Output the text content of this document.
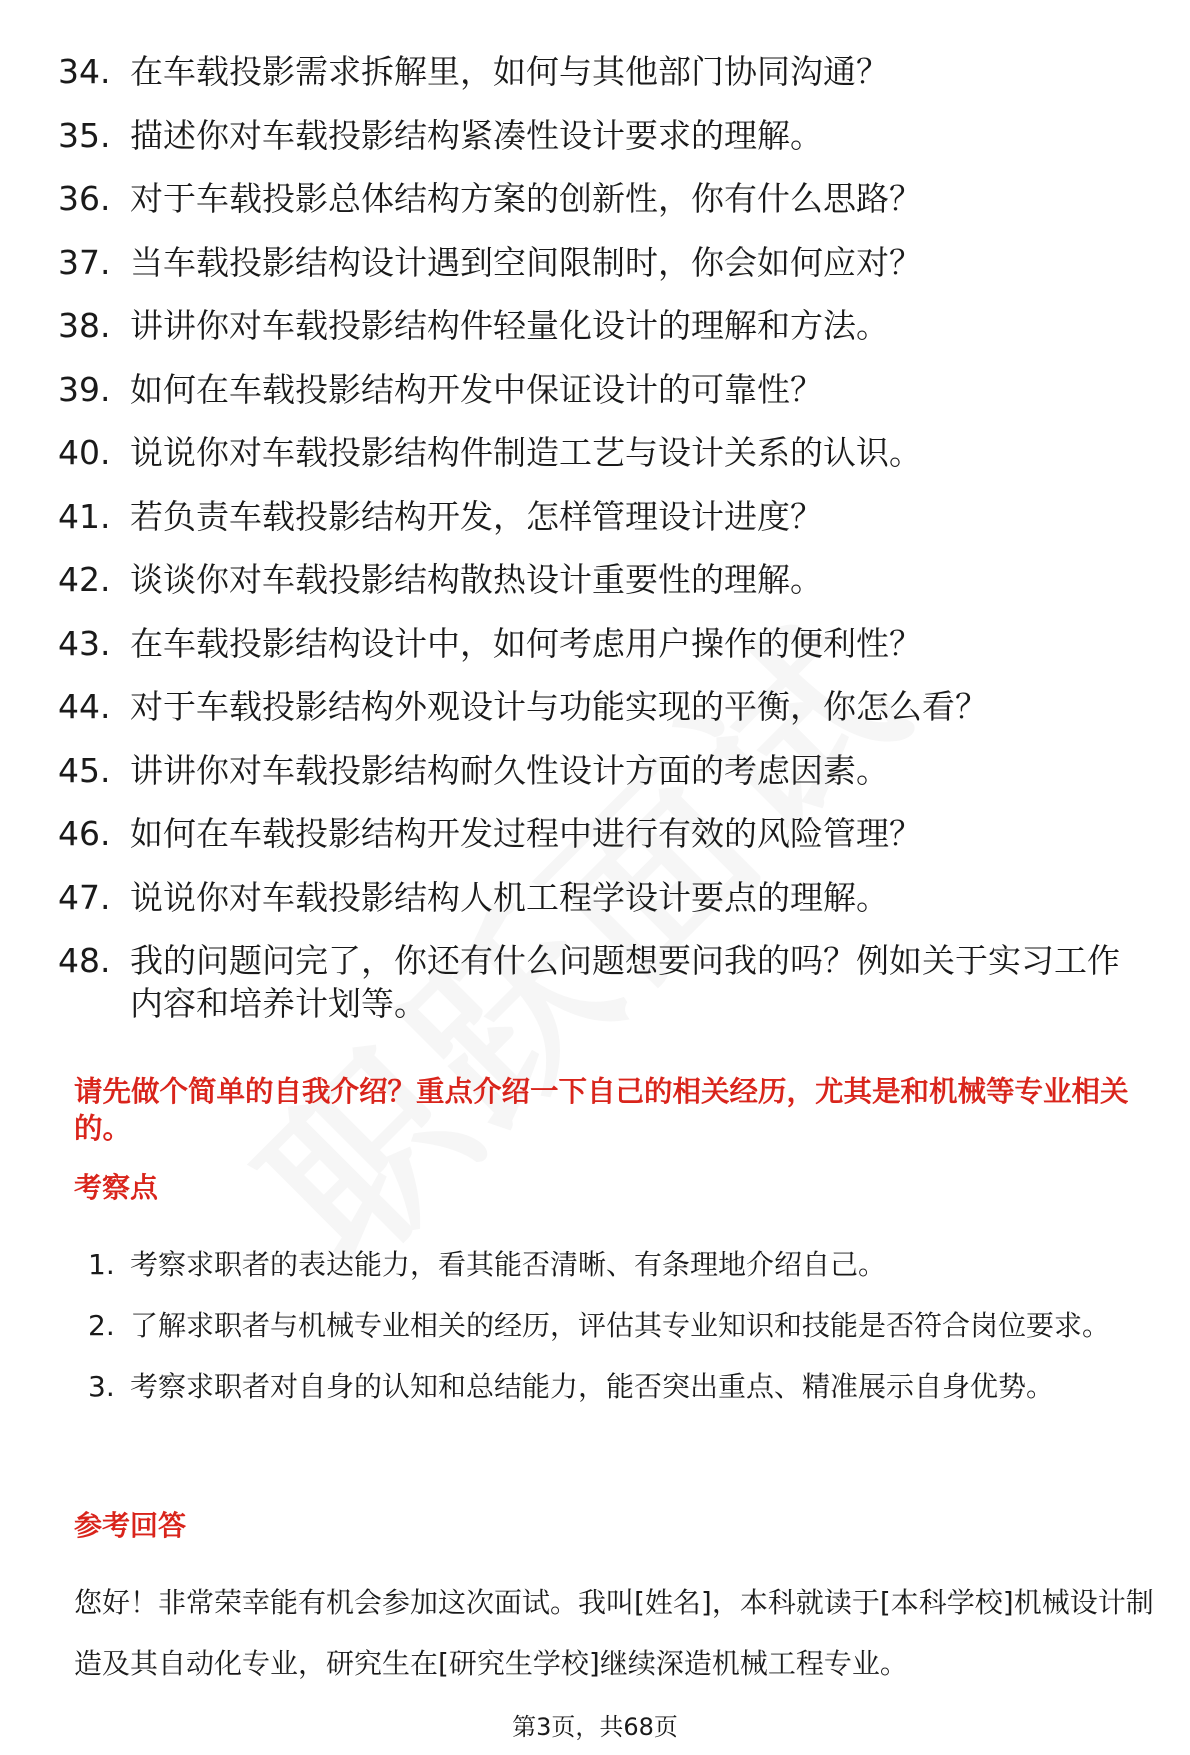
34. 在车载投影需求拆解里，如何与其他部门协同沟通？
35. 描述你对车载投影结构紧凑性设计要求的理解。
36. 对于车载投影总体结构方案的创新性，你有什么思路？
37. 当车载投影结构设计遇到空间限制时，你会如何应对？
38. 讲讲你对车载投影结构件轻量化设计的理解和方法。
39. 如何在车载投影结构开发中保证设计的可靠性？
40. 说说你对车载投影结构件制造工艺与设计关系的认识。
41. 若负责车载投影结构开发，怎样管理设计进度？
42. 谈谈你对车载投影结构散热设计重要性的理解。
43. 在车载投影结构设计中，如何考虑用户操作的便利性？
44. 对于车载投影结构外观设计与功能实现的平衡，你怎么看？
45. 讲讲你对车载投影结构耐久性设计方面的考虑因素。
46. 如何在车载投影结构开发过程中进行有效的风险管理？
47. 说说你对车载投影结构人机工程学设计要点的理解。
48. 我的问题问完了，你还有什么问题想要问我的吗？例如关于实习工作内容和培养计划等。
请先做个简单的自我介绍？重点介绍一下自己的相关经历，尤其是和机械等专业相关的。
考察点
1. 考察求职者的表达能力，看其能否清晰、有条理地介绍自己。
2. 了解求职者与机械专业相关的经历，评估其专业知识和技能是否符合岗位要求。
3. 考察求职者对自身的认知和总结能力，能否突出重点、精准展示自身优势。
参考回答

您好！非常荣幸能有机会参加这次面试。我叫[姓名]，本科就读于[本科学校]机械设计制造及其自动化专业，研究生在[研究生学校]继续深造机械工程专业。

第3页，共68页
